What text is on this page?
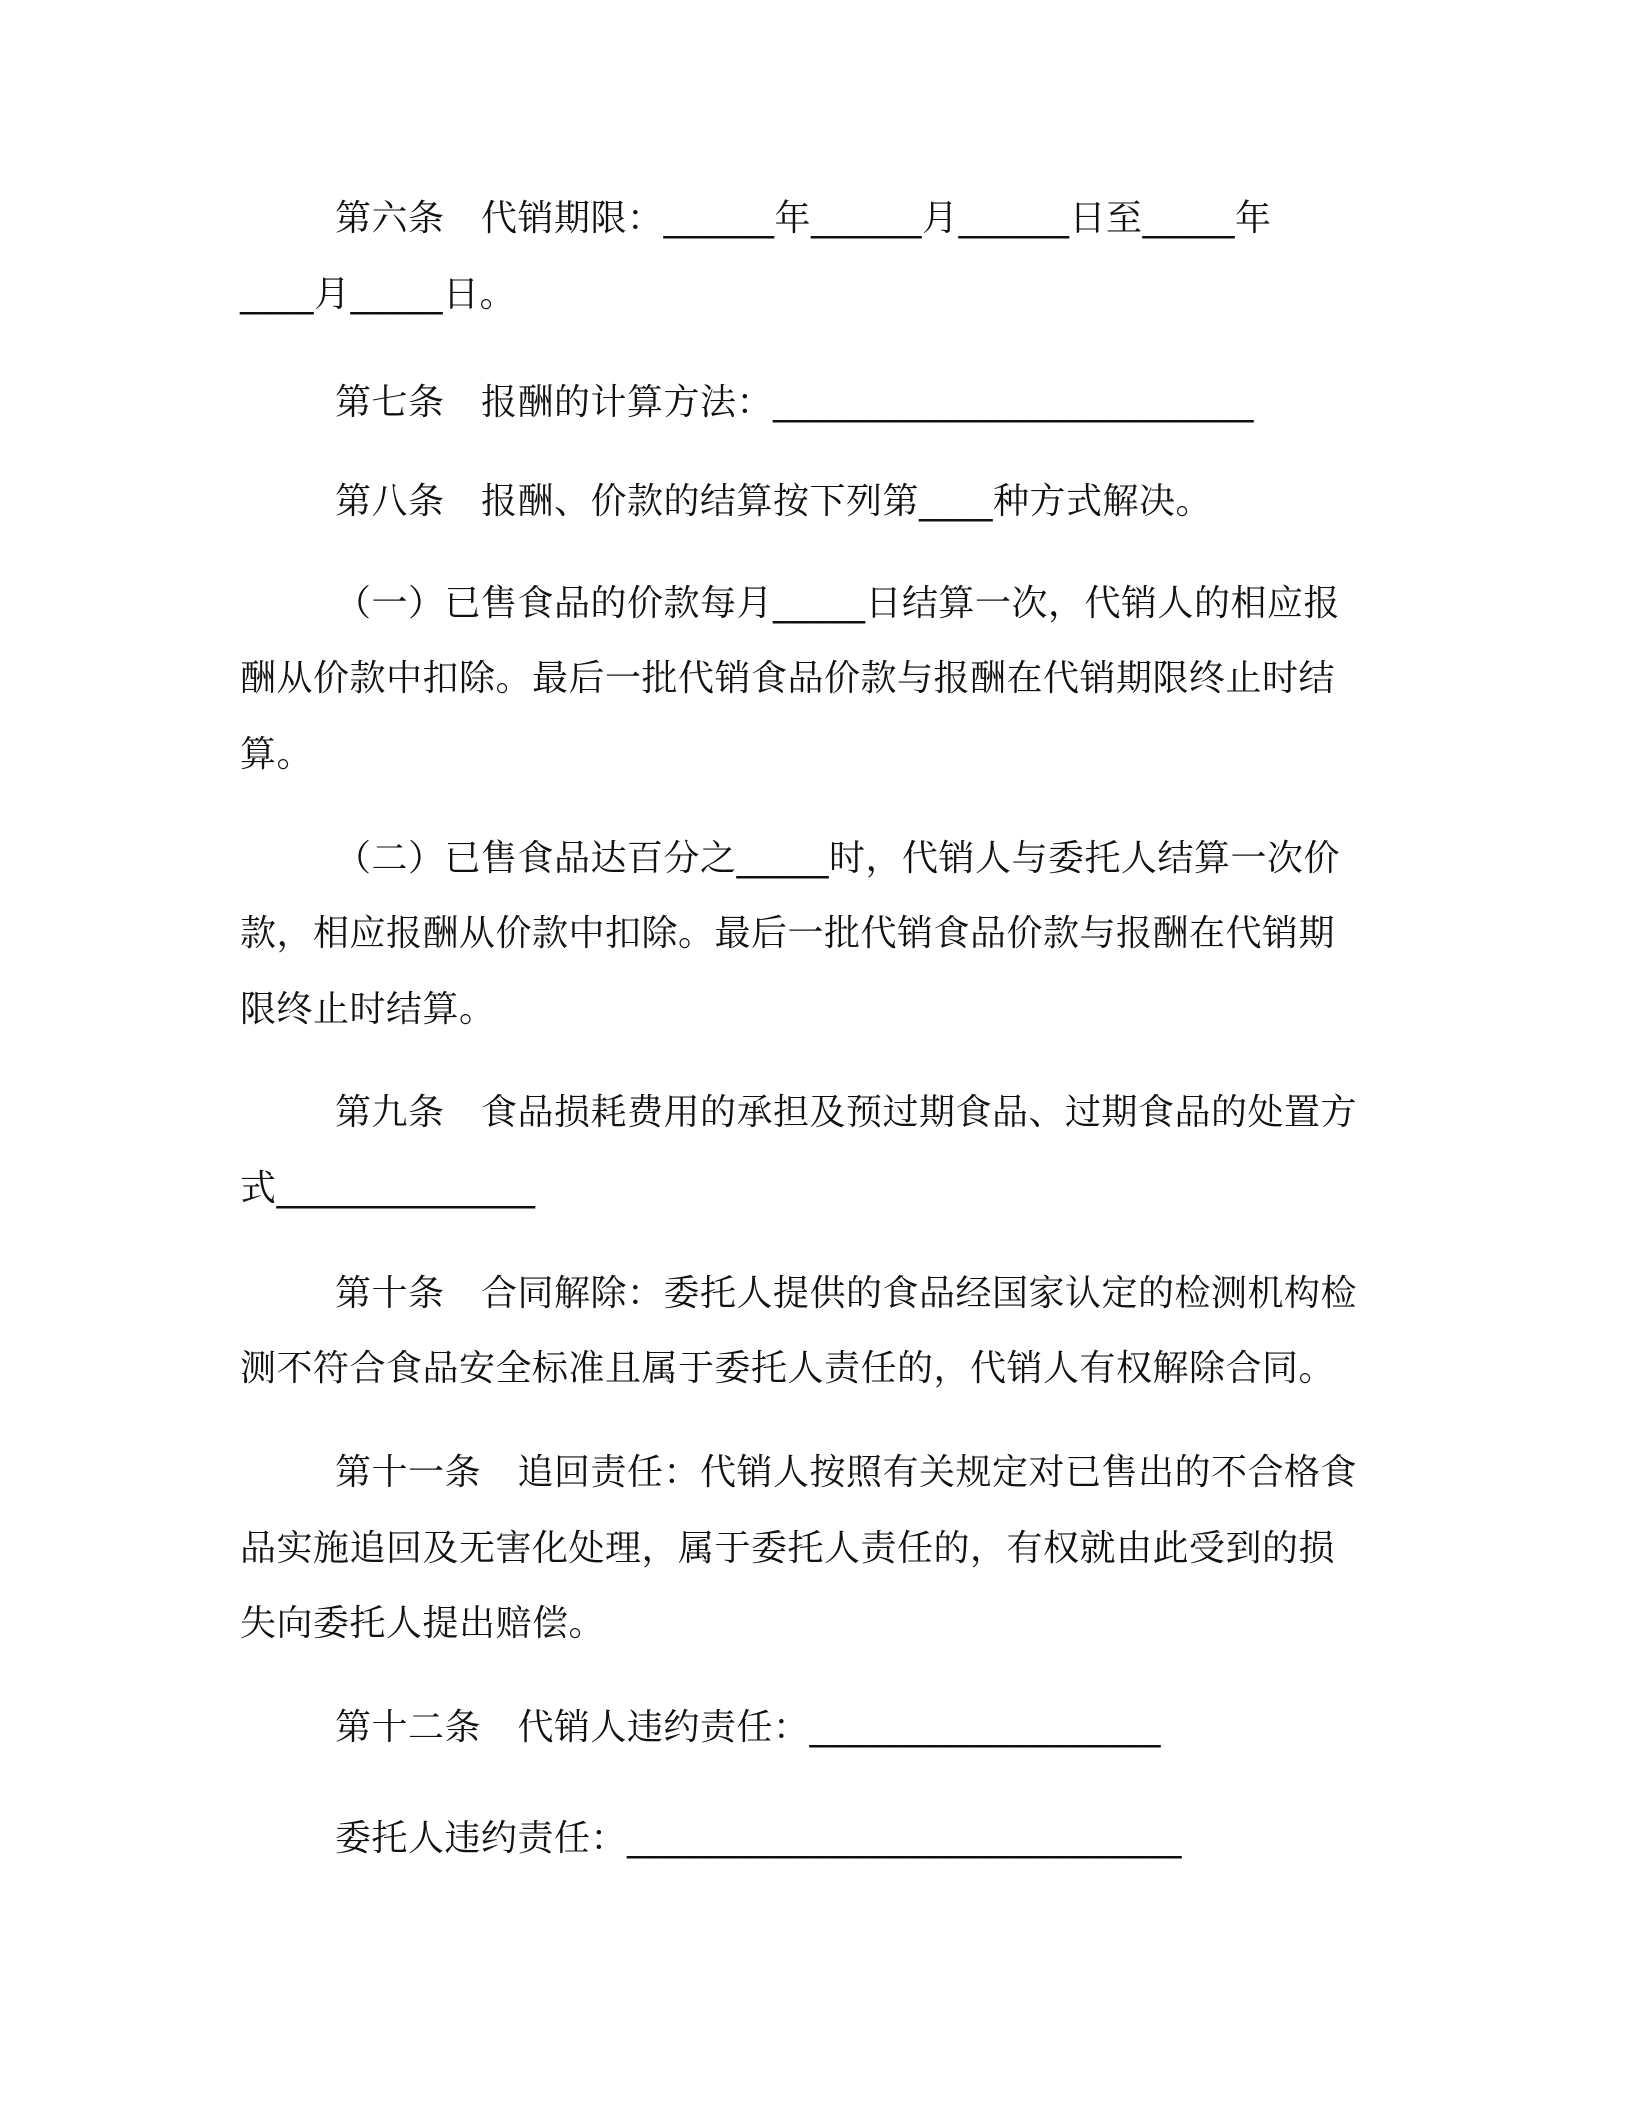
第六条　代销期限：______年______月______日至_____年
____月_____日。
第七条　报酬的计算方法：__________________________
第八条　报酬、价款的结算按下列第____种方式解决。
（一）已售食品的价款每月_____日结算一次，代销人的相应报
酬从价款中扣除。最后一批代销食品价款与报酬在代销期限终止时结
算。
（二）已售食品达百分之_____时，代销人与委托人结算一次价
款，相应报酬从价款中扣除。最后一批代销食品价款与报酬在代销期
限终止时结算。
第九条　食品损耗费用的承担及预过期食品、过期食品的处置方
式______________
第十条　合同解除：委托人提供的食品经国家认定的检测机构检
测不符合食品安全标准且属于委托人责任的，代销人有权解除合同。
第十一条　追回责任：代销人按照有关规定对已售出的不合格食
品实施追回及无害化处理，属于委托人责任的，有权就由此受到的损
失向委托人提出赔偿。
第十二条　代销人违约责任：___________________
委托人违约责任：______________________________
